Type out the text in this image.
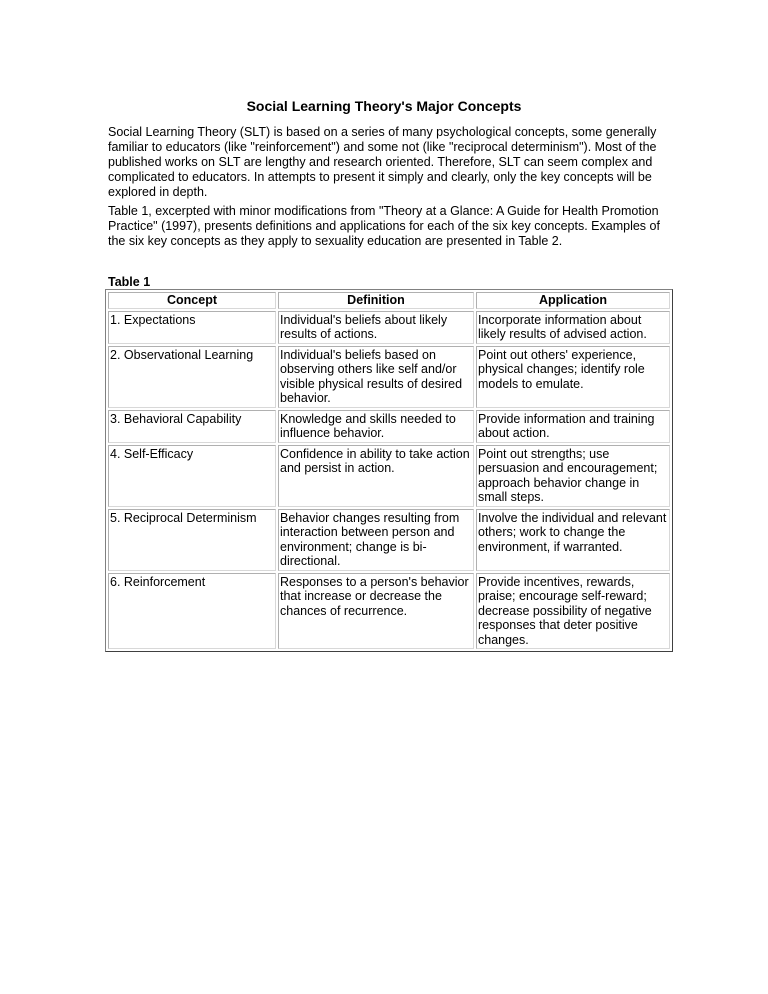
Social Learning Theory's Major Concepts

Social Learning Theory (SLT) is based on a series of many psychological concepts, some generally familiar to educators (like "reinforcement") and some not (like "reciprocal determinism"). Most of the published works on SLT are lengthy and research oriented. Therefore, SLT can seem complex and complicated to educators. In attempts to present it simply and clearly, only the key concepts will be explored in depth.

Table 1, excerpted with minor modifications from "Theory at a Glance: A Guide for Health Promotion Practice" (1997), presents definitions and applications for each of the six key concepts. Examples of the six key concepts as they apply to sexuality education are presented in Table 2.

Table 1
Concept	Definition	Application
1. Expectations	Individual's beliefs about likely results of actions.	Incorporate information about likely results of advised action.
2. Observational Learning	Individual's beliefs based on observing others like self and/or visible physical results of desired behavior.	Point out others' experience, physical changes; identify role models to emulate.
3. Behavioral Capability	Knowledge and skills needed to influence behavior.	Provide information and training about action.
4. Self-Efficacy	Confidence in ability to take action and persist in action.	Point out strengths; use persuasion and encouragement; approach behavior change in small steps.
5. Reciprocal Determinism	Behavior changes resulting from interaction between person and environment; change is bi-directional.	Involve the individual and relevant others; work to change the environment, if warranted.
6. Reinforcement	Responses to a person's behavior that increase or decrease the chances of recurrence.	Provide incentives, rewards, praise; encourage self-reward; decrease possibility of negative responses that deter positive changes.
